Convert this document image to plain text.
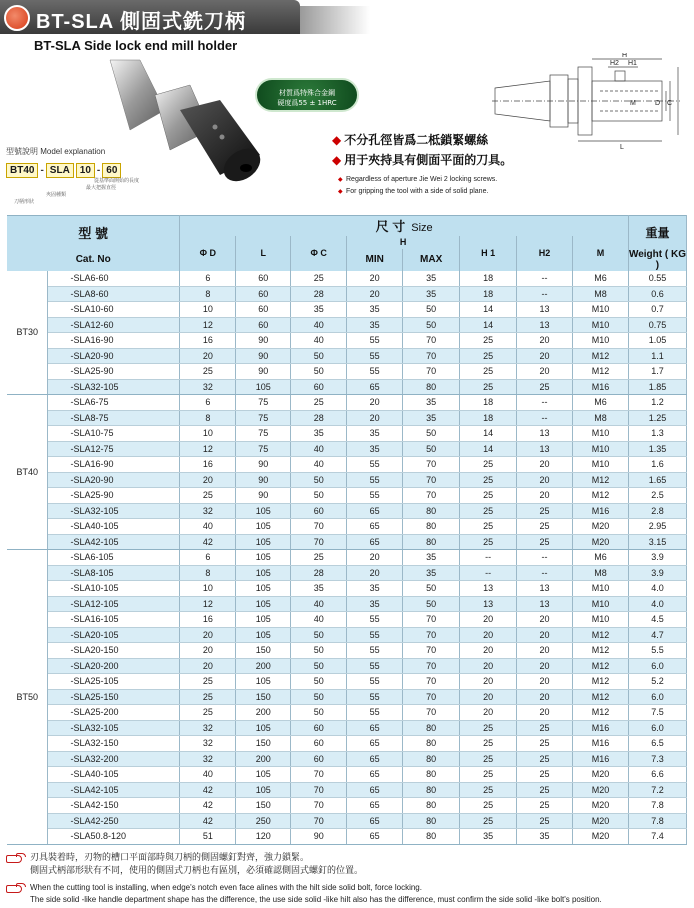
BT-SLA 側固式銑刀柄
BT-SLA Side lock end mill holder
材質爲特殊合金鋼
硬度爲55 ± 1HRC
型號說明 Model explanation
BT40 - SLA	10 - 60
從基準面開始的長度
最大把握直徑
夾固種類
刀柄形狀
H
H2 H1
M	D C
L
◆ 不分孔徑皆爲二柢鎖緊螺絲
◆ 用于夾持具有側面平面的刀具。
◆ Regardless of aperture Jie Wei 2 locking screws.
◆ For gripping the tool with a side of solid plane.
型 號		尺 寸 Size								重量
		Φ D	L	Φ C	H		H 1	H2	M	
Cat. No					MIN	MAX				Weight ( KG )
BT30	-SLA6-60	6	60	25	20	35	18	--	M6	0.55
	-SLA8-60	8	60	28	20	35	18	--	M8	0.6
	-SLA10-60	10	60	35	35	50	14	13	M10	0.7
	-SLA12-60	12	60	40	35	50	14	13	M10	0.75
	-SLA16-90	16	90	40	55	70	25	20	M10	1.05
	-SLA20-90	20	90	50	55	70	25	20	M12	1.1
	-SLA25-90	25	90	50	55	70	25	20	M12	1.7
	-SLA32-105	32	105	60	65	80	25	25	M16	1.85
BT40	-SLA6-75	6	75	25	20	35	18	--	M6	1.2
	-SLA8-75	8	75	28	20	35	18	--	M8	1.25
	-SLA10-75	10	75	35	35	50	14	13	M10	1.3
	-SLA12-75	12	75	40	35	50	14	13	M10	1.35
	-SLA16-90	16	90	40	55	70	25	20	M10	1.6
	-SLA20-90	20	90	50	55	70	25	20	M12	1.65
	-SLA25-90	25	90	50	55	70	25	20	M12	2.5
	-SLA32-105	32	105	60	65	80	25	25	M16	2.8
	-SLA40-105	40	105	70	65	80	25	25	M20	2.95
	-SLA42-105	42	105	70	65	80	25	25	M20	3.15
BT50	-SLA6-105	6	105	25	20	35	--	--	M6	3.9
	-SLA8-105	8	105	28	20	35	--	--	M8	3.9
	-SLA10-105	10	105	35	35	50	13	13	M10	4.0
	-SLA12-105	12	105	40	35	50	13	13	M10	4.0
	-SLA16-105	16	105	40	55	70	20	20	M10	4.5
	-SLA20-105	20	105	50	55	70	20	20	M12	4.7
	-SLA20-150	20	150	50	55	70	20	20	M12	5.5
	-SLA20-200	20	200	50	55	70	20	20	M12	6.0
	-SLA25-105	25	105	50	55	70	20	20	M12	5.2
	-SLA25-150	25	150	50	55	70	20	20	M12	6.0
	-SLA25-200	25	200	50	55	70	20	20	M12	7.5
	-SLA32-105	32	105	60	65	80	25	25	M16	6.0
	-SLA32-150	32	150	60	65	80	25	25	M16	6.5
	-SLA32-200	32	200	60	65	80	25	25	M16	7.3
	-SLA40-105	40	105	70	65	80	25	25	M20	6.6
	-SLA42-105	42	105	70	65	80	25	25	M20	7.2
	-SLA42-150	42	150	70	65	80	25	25	M20	7.8
	-SLA42-250	42	250	70	65	80	25	25	M20	7.8
	-SLA50.8-120	51	120	90	65	80	35	35	M20	7.4
刃具裝着時，刃物的槽口平面部時與刀柄的側固螺釘對齊，強力鎖緊。
側固式柄部形狀有不同，使用的側固式刀柄也有區別，必須確認側固式螺釘的位置。
When the cutting tool is installing, when edge's notch even face alines with the hilt side solid bolt, force locking.
The side solid -like handle department shape has the difference, the use side solid -like hilt also has the difference, must confirm the side solid -like bolt's position.
